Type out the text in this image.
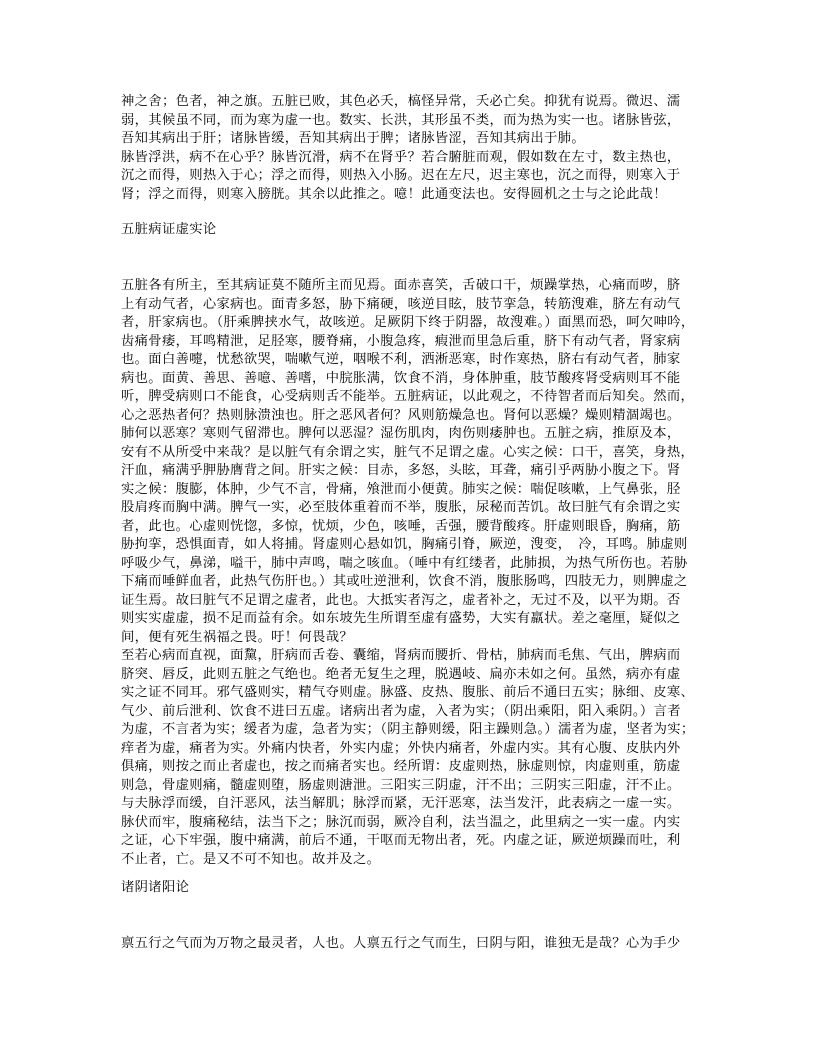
神之舍；色者，神之旗。五脏已败，其色必夭，槁怪异常，夭必亡矣。抑犹有说焉。微迟、濡
弱，其候虽不同，而为寒为虚一也。数实、长洪，其形虽不类，而为热为实一也。诸脉皆弦，
吾知其病出于肝；诸脉皆缓，吾知其病出于脾；诸脉皆涩，吾知其病出于肺。
脉皆浮洪，病不在心乎？脉皆沉滑，病不在肾乎？若合腑脏而观，假如数在左寸，数主热也，
沉之而得，则热入于心；浮之而得，则热入小肠。迟在左尺，迟主寒也，沉之而得，则寒入于
肾；浮之而得，则寒入膀胱。其余以此推之。噫！此通变法也。安得圆机之士与之论此哉！
五脏病证虚实论
五脏各有所主，至其病证莫不随所主而见焉。面赤喜笑，舌破口干，烦躁掌热，心痛而哕，脐
上有动气者，心家病也。面青多怒，胁下痛硬，咳逆目眩，肢节挛急，转筋溲难，脐左有动气
者，肝家病也。（肝乘脾挟水气，故咳逆。足厥阴下终于阴器，故溲难。）面黑而恐，呵欠呻吟，
齿痛骨痿，耳鸣精泄，足胫寒，腰脊痛，小腹急疼，瘕泄而里急后重，脐下有动气者，肾家病
也。面白善嚏，忧愁欲哭，喘嗽气逆，咽喉不利，洒淅恶寒，时作寒热，脐右有动气者，肺家
病也。面黄、善思、善噫、善嗜，中脘胀满，饮食不消，身体肿重，肢节酸疼肾受病则耳不能
听，脾受病则口不能食，心受病则舌不能举。五脏病证，以此观之，不待智者而后知矣。然而，
心之恶热者何？热则脉溃浊也。肝之恶风者何？风则筋燥急也。肾何以恶燥？燥则精涸竭也。
肺何以恶寒？寒则气留滞也。脾何以恶湿？湿伤肌肉，肉伤则痿肿也。五脏之病，推原及本，
安有不从所受中来哉？是以脏气有余谓之实，脏气不足谓之虚。心实之候：口干，喜笑，身热，
汗血，痛满乎胛胁膺背之间。肝实之候：目赤，多怒，头眩，耳聋，痛引乎两胁小腹之下。肾
实之候：腹膨，体肿，少气不言，骨痛，飧泄而小便黄。肺实之候：喘促咳嗽，上气鼻张，胫
股肩疼而胸中满。脾气一实，必至肢体重着而不举，腹胀，尿秘而苦饥。故曰脏气有余谓之实
者，此也。心虚则恍惚，多惊，忧烦，少色，咳唾，舌强，腰背酸疼。肝虚则眼昏，胸痛，筋
胁拘挛，恐惧面青，如人将捕。肾虚则心悬如饥，胸痛引脊，厥逆，溲变，　冷，耳鸣。肺虚则
呼吸少气，鼻涕，嗌干，肺中声鸣，喘之咳血。（唾中有红缕者，此肺损，为热气所伤也。若胁
下痛而唾鲜血者，此热气伤肝也。）其或吐逆泄利，饮食不消，腹胀肠鸣，四肢无力，则脾虚之
证生焉。故曰脏气不足谓之虚者，此也。大抵实者泻之，虚者补之，无过不及，以平为期。否
则实实虚虚，损不足而益有余。如东坡先生所谓至虚有盛势，大实有羸状。差之毫厘，疑似之
间，便有死生祸福之畏。吁！何畏哉？
至若心病而直视，面黧，肝病而舌卷、囊缩，肾病而腰折、骨枯，肺病而毛焦、气出，脾病而
脐突、唇反，此则五脏之气绝也。绝者无复生之理，脱遇岐、扁亦未如之何。虽然，病亦有虚
实之证不同耳。邪气盛则实，精气夺则虚。脉盛、皮热、腹胀、前后不通曰五实；脉细、皮寒、
气少、前后泄利、饮食不进曰五虚。诸病出者为虚，入者为实；（阴出乘阳，阳入乘阴。）言者
为虚，不言者为实；缓者为虚，急者为实；（阴主静则缓，阳主躁则急。）濡者为虚，坚者为实；
痒者为虚，痛者为实。外痛内快者，外实内虚；外快内痛者，外虚内实。其有心腹、皮肤内外
俱痛，则按之而止者虚也，按之而痛者实也。经所谓：皮虚则热，脉虚则惊，肉虚则重，筋虚
则急，骨虚则痛，髓虚则堕，肠虚则溏泄。三阳实三阴虚，汗不出；三阴实三阳虚，汗不止。
与夫脉浮而缓，自汗恶风，法当解肌；脉浮而紧，无汗恶寒，法当发汗，此表病之一虚一实。
脉伏而牢，腹痛秘结，法当下之；脉沉而弱，厥冷自利，法当温之，此里病之一实一虚。内实
之证，心下牢强，腹中痛满，前后不通，干呕而无物出者，死。内虚之证，厥逆烦躁而吐，利
不止者，亡。是又不可不知也。故并及之。
诸阴诸阳论
禀五行之气而为万物之最灵者，人也。人禀五行之气而生，曰阴与阳，谁独无是哉？心为手少
